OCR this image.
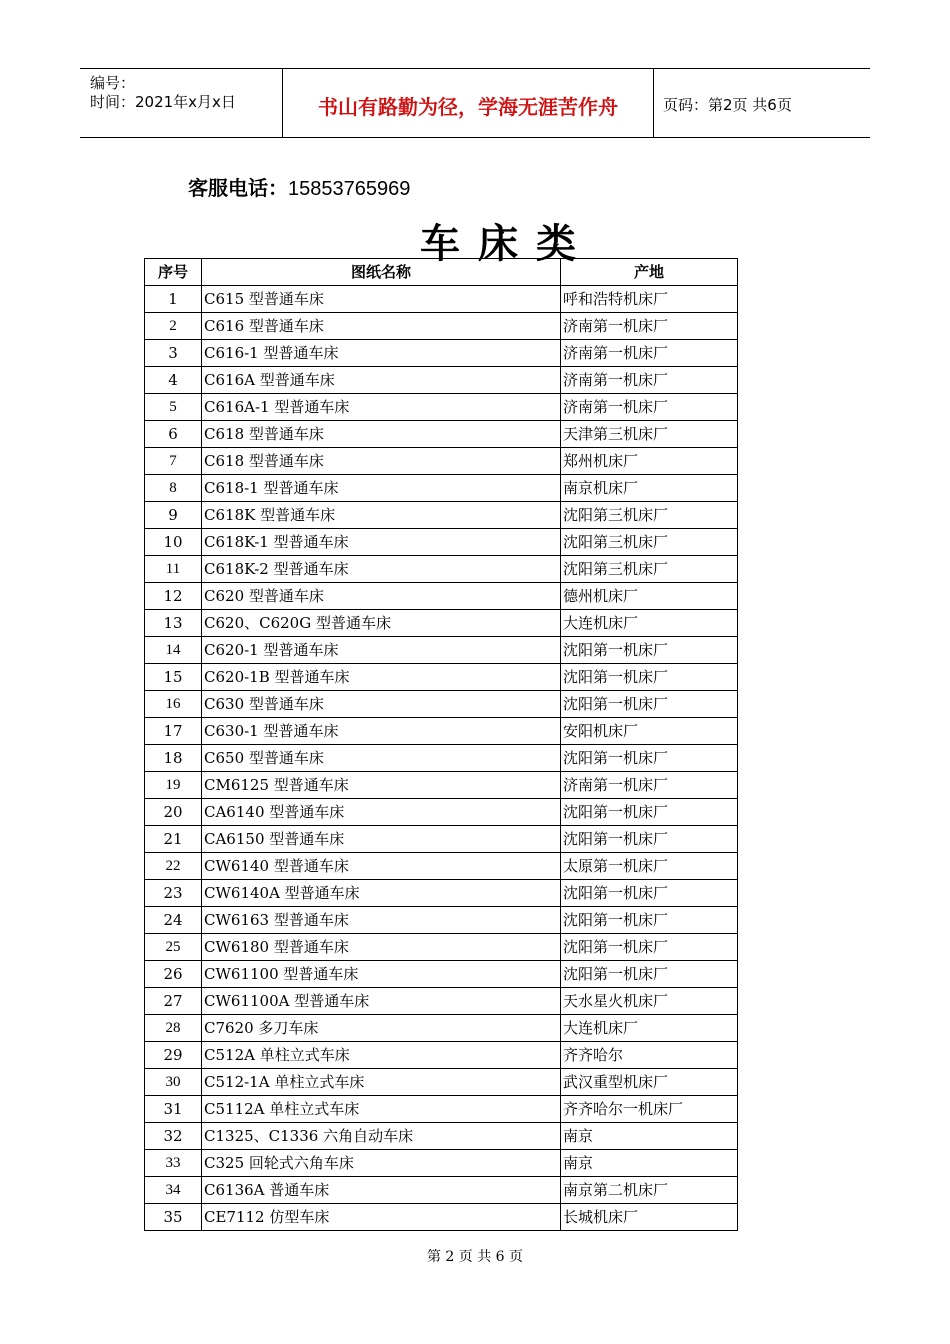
编号：
时间：2021年x月x日	书山有路勤为径，学海无涯苦作舟	页码：第2页 共6页
客服电话：15853765969
车床类
序号	图纸名称	产地
1	C615 型普通车床	呼和浩特机床厂
2	C616 型普通车床	济南第一机床厂
3	C616-1 型普通车床	济南第一机床厂
4	C616A 型普通车床	济南第一机床厂
5	C616A-1 型普通车床	济南第一机床厂
6	C618 型普通车床	天津第三机床厂
7	C618 型普通车床	郑州机床厂
8	C618-1 型普通车床	南京机床厂
9	C618K 型普通车床	沈阳第三机床厂
10	C618K-1 型普通车床	沈阳第三机床厂
11	C618K-2 型普通车床	沈阳第三机床厂
12	C620 型普通车床	德州机床厂
13	C620、C620G 型普通车床	大连机床厂
14	C620-1 型普通车床	沈阳第一机床厂
15	C620-1B 型普通车床	沈阳第一机床厂
16	C630 型普通车床	沈阳第一机床厂
17	C630-1 型普通车床	安阳机床厂
18	C650 型普通车床	沈阳第一机床厂
19	CM6125 型普通车床	济南第一机床厂
20	CA6140 型普通车床	沈阳第一机床厂
21	CA6150 型普通车床	沈阳第一机床厂
22	CW6140 型普通车床	太原第一机床厂
23	CW6140A 型普通车床	沈阳第一机床厂
24	CW6163 型普通车床	沈阳第一机床厂
25	CW6180 型普通车床	沈阳第一机床厂
26	CW61100 型普通车床	沈阳第一机床厂
27	CW61100A 型普通车床	天水星火机床厂
28	C7620 多刀车床	大连机床厂
29	C512A 单柱立式车床	齐齐哈尔
30	C512-1A 单柱立式车床	武汉重型机床厂
31	C5112A 单柱立式车床	齐齐哈尔一机床厂
32	C1325、C1336 六角自动车床	南京
33	C325 回轮式六角车床	南京
34	C6136A 普通车床	南京第二机床厂
35	CE7112 仿型车床	长城机床厂
第 2 页 共 6 页
